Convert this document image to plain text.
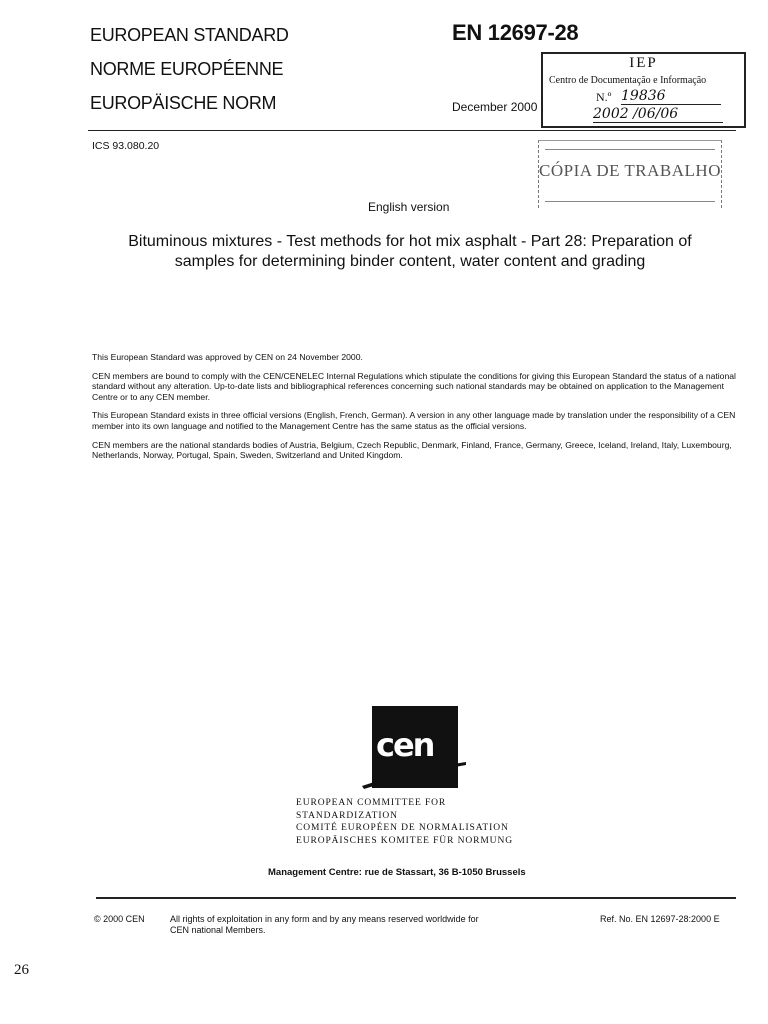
EUROPEAN STANDARD
NORME EUROPÉENNE
EUROPÄISCHE NORM
EN 12697-28
December 2000
IEP
Centro de Documentação e Informação
N.º 19836
2002 /06/06
ICS 93.080.20
CÓPIA DE TRABALHO
English version
Bituminous mixtures - Test methods for hot mix asphalt - Part 28: Preparation of samples for determining binder content, water content and grading

This European Standard was approved by CEN on 24 November 2000.

CEN members are bound to comply with the CEN/CENELEC Internal Regulations which stipulate the conditions for giving this European Standard the status of a national standard without any alteration. Up-to-date lists and bibliographical references concerning such national standards may be obtained on application to the Management Centre or to any CEN member.

This European Standard exists in three official versions (English, French, German). A version in any other language made by translation under the responsibility of a CEN member into its own language and notified to the Management Centre has the same status as the official versions.

CEN members are the national standards bodies of Austria, Belgium, Czech Republic, Denmark, Finland, France, Germany, Greece, Iceland, Ireland, Italy, Luxembourg, Netherlands, Norway, Portugal, Spain, Sweden, Switzerland and United Kingdom.

cen
EUROPEAN COMMITTEE FOR STANDARDIZATION
COMITÉ EUROPÉEN DE NORMALISATION
EUROPÄISCHES KOMITEE FÜR NORMUNG
Management Centre: rue de Stassart, 36 B-1050 Brussels
© 2000 CEN	All rights of exploitation in any form and by any means reserved worldwide for CEN national Members.
Ref. No. EN 12697-28:2000 E
26
